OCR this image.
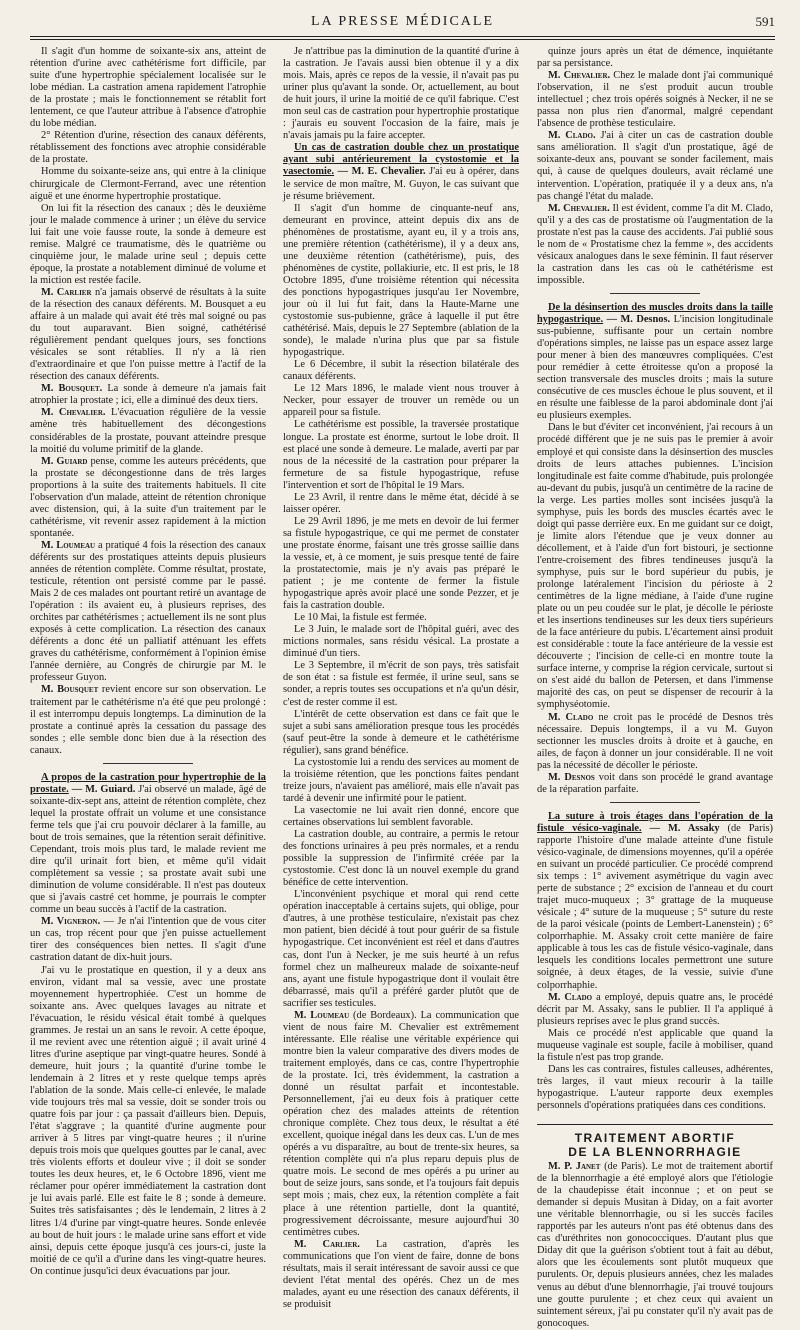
LA PRESSE MÉDICALE	591

Il s'agit d'un homme de soixante-six ans, atteint de rétention d'urine avec cathétérisme fort difficile, par suite d'une hypertrophie spécialement localisée sur le lobe médian. La castration amena rapidement l'atrophie de la prostate ; mais le fonctionnement se rétablit fort lentement, ce que l'auteur attribue à l'absence d'atrophie du lobe médian.

2° Rétention d'urine, résection des canaux déférents, rétablissement des fonctions avec atrophie considérable de la prostate.

Homme du soixante-seize ans, qui entre à la clinique chirurgicale de Clermont-Ferrand, avec une rétention aiguë et une énorme hypertrophie prostatique.

On lui fit la résection des canaux ; dès le deuxième jour le malade commence à uriner ; un élève du service lui fait une voie fausse route, la sonde à demeure est remise. Malgré ce traumatisme, dès le quatrième ou cinquième jour, le malade urine seul ; depuis cette époque, la prostate a notablement diminué de volume et la miction est restée facile.

M. Carlier n'a jamais observé de résultats à la suite de la résection des canaux déférents. M. Bousquet a eu affaire à un malade qui avait été très mal soigné ou pas du tout auparavant. Bien soigné, cathétérisé régulièrement pendant quelques jours, ses fonctions vésicales se sont rétablies. Il n'y a là rien d'extraordinaire et que l'on puisse mettre à l'actif de la résection des canaux déférents.

M. Bousquet. La sonde à demeure n'a jamais fait atrophier la prostate ; ici, elle a diminué des deux tiers.

M. Chevalier. L'évacuation régulière de la vessie amène très habituellement des décongestions considérables de la prostate, pouvant atteindre presque la moitié du volume primitif de la glande.

M. Guiard pense, comme les auteurs précédents, que la prostate se décongestionne dans de très larges proportions à la suite des traitements habituels. Il cite l'observation d'un malade, atteint de rétention chronique avec distension, qui, à la suite d'un traitement par le cathétérisme, vit revenir assez rapidement à la miction spontanée.

M. Loumeau a pratiqué 4 fois la résection des canaux déférents sur des prostatiques atteints depuis plusieurs années de rétention complète. Comme résultat, prostate, testicule, rétention ont persisté comme par le passé. Mais 2 de ces malades ont pourtant retiré un avantage de l'opération : ils avaient eu, à plusieurs reprises, des orchites par cathétérismes ; actuellement ils ne sont plus exposés à cette complication. La résection des canaux déférents a donc été un palliatif atténuant les effets graves du cathétérisme, conformément à l'opinion émise l'année dernière, au Congrès de chirurgie par M. le professeur Guyon.

M. Bousquet revient encore sur son observation. Le traitement par le cathétérisme n'a été que peu prolongé : il est interrompu depuis longtemps. La diminution de la prostate a continué après la cessation du passage des sondes ; elle semble donc bien due à la résection des canaux.

A propos de la castration pour hypertrophie de la prostate. — M. Guiard. J'ai observé un malade, âgé de soixante-dix-sept ans, atteint de rétention complète, chez lequel la prostate offrait un volume et une consistance ferme tels que j'ai cru pouvoir déclarer à la famille, au bout de trois semaines, que la rétention serait définitive. Cependant, trois mois plus tard, le malade revient me dire qu'il urinait fort bien, et même qu'il vidait complètement sa vessie ; sa prostate avait subi une diminution de volume considérable. Il n'est pas douteux que si j'avais castré cet homme, je pourrais le compter comme un beau succès à l'actif de la castration.

M. Vigneron. — Je n'ai l'intention que de vous citer un cas, trop récent pour que j'en puisse actuellement tirer des conséquences bien nettes. Il s'agit d'une castration datant de dix-huit jours.

J'ai vu le prostatique en question, il y a deux ans environ, vidant mal sa vessie, avec une prostate moyennement hypertrophiée. C'est un homme de soixante ans. Avec quelques lavages au nitrate et l'évacuation, le résidu vésical était tombé à quelques grammes. Je restai un an sans le revoir. A cette époque, il me revient avec une rétention aiguë ; il avait uriné 4 litres d'urine aseptique par vingt-quatre heures. Sondé à demeure, huit jours ; la quantité d'urine tombe le lendemain à 2 litres et y reste quelque temps après l'ablation de la sonde. Mais celle-ci enlevée, le malade vide toujours très mal sa vessie, doit se sonder trois ou quatre fois par jour : ça passait d'ailleurs bien. Depuis, l'état s'aggrave ; la quantité d'urine augmente pour arriver à 5 litres par vingt-quatre heures ; il n'urine depuis trois mois que quelques gouttes par le canal, avec très violents efforts et douleur vive ; il doit se sonder toutes les deux heures, et, le 6 Octobre 1896, vient me réclamer pour opérer immédiatement la castration dont je lui avais parlé. Elle est faite le 8 ; sonde à demeure. Suites très satisfaisantes ; dès le lendemain, 2 litres à 2 litres 1/4 d'urine par vingt-quatre heures. Sonde enlevée au bout de huit jours : le malade urine sans effort et vide ainsi, depuis cette époque jusqu'à ces jours-ci, juste la moitié de ce qu'il a d'urine dans les vingt-quatre heures. On continue jusqu'ici deux évacuations par jour.

Je n'attribue pas la diminution de la quantité d'urine à la castration. Je l'avais aussi bien obtenue il y a dix mois. Mais, après ce repos de la vessie, il n'avait pas pu uriner plus qu'avant la sonde. Or, actuellement, au bout de huit jours, il urine la moitié de ce qu'il fabrique. C'est mon seul cas de castration pour hypertrophie prostatique : j'aurais eu souvent l'occasion de la faire, mais je n'avais jamais pu la faire accepter.

Un cas de castration double chez un prostatique ayant subi antérieurement la cystostomie et la vasectomie. — M. E. Chevalier. J'ai eu à opérer, dans le service de mon maître, M. Guyon, le cas suivant que je résume brièvement.

Il s'agit d'un homme de cinquante-neuf ans, demeurant en province, atteint depuis dix ans de phénomènes de prostatisme, ayant eu, il y a trois ans, une première rétention (cathétérisme), il y a deux ans, une deuxième rétention (cathétérisme), puis, des phénomènes de cystite, pollakiurie, etc. Il est pris, le 18 Octobre 1895, d'une troisième rétention qui nécessita des ponctions hypogastriques jusqu'au 1er Novembre, jour où il lui fut fait, dans la Haute-Marne une cystostomie sus-pubienne, grâce à laquelle il put être cathétérisé. Mais, depuis le 27 Septembre (ablation de la sonde), le malade n'urina plus que par sa fistule hypogastrique.

Le 6 Décembre, il subit la résection bilatérale des canaux déférents.

Le 12 Mars 1896, le malade vient nous trouver à Necker, pour essayer de trouver un remède ou un appareil pour sa fistule.

Le cathétérisme est possible, la traversée prostatique longue. La prostate est énorme, surtout le lobe droit. Il est placé une sonde à demeure. Le malade, averti par par nous de la nécessité de la castration pour préparer la fermeture de sa fistule hypogastrique, refuse l'intervention et sort de l'hôpital le 19 Mars.

Le 23 Avril, il rentre dans le même état, décidé à se laisser opérer.

Le 29 Avril 1896, je me mets en devoir de lui fermer sa fistule hypogastrique, ce qui me permet de constater une prostate énorme, faisant une très grosse saillie dans la vessie, et, à ce moment, je suis presque tenté de faire la prostatectomie, mais je n'y avais pas préparé le patient ; je me contente de fermer la fistule hypogastrique après avoir placé une sonde Pezzer, et je fais la castration double.

Le 10 Mai, la fistule est fermée.

Le 3 Juin, le malade sort de l'hôpital guéri, avec des mictions normales, sans résidu vésical. La prostate a diminué d'un tiers.

Le 3 Septembre, il m'écrit de son pays, très satisfait de son état : sa fistule est fermée, il urine seul, sans se sonder, a repris toutes ses occupations et n'a qu'un désir, c'est de rester comme il est.

L'intérêt de cette observation est dans ce fait que le sujet a subi sans amélioration presque tous les procédés (sauf peut-être la sonde à demeure et le cathétérisme régulier), sans grand bénéfice.

La cystostomie lui a rendu des services au moment de la troisième rétention, que les ponctions faites pendant treize jours, n'avaient pas amélioré, mais elle n'avait pas tardé à devenir une infirmité pour le patient.

La vasectomie ne lui avait rien donné, encore que certaines observations lui semblent favorable.

La castration double, au contraire, a permis le retour des fonctions urinaires à peu près normales, et a rendu possible la suppression de l'infirmité créée par la cystostomie. C'est donc là un nouvel exemple du grand bénéfice de cette intervention.

L'inconvénient psychique et moral qui rend cette opération inacceptable à certains sujets, qui oblige, pour d'autres, à une prothèse testiculaire, n'existait pas chez mon patient, bien décidé à tout pour guérir de sa fistule hypogastrique. Cet inconvénient est réel et dans d'autres cas, dont l'un à Necker, je me suis heurté à un refus formel chez un malheureux malade de soixante-neuf ans, ayant une fistule hypogastrique dont il voulait être débarrassé, mais qu'il a préféré garder plutôt que de sacrifier ses testicules.

M. Loumeau (de Bordeaux). La communication que vient de nous faire M. Chevalier est extrêmement intéressante. Elle réalise une véritable expérience qui montre bien la valeur comparative des divers modes de traitement employés, dans ce cas, contre l'hypertrophie de la prostate. Ici, très évidemment, la castration a donné un résultat parfait et incontestable. Personnellement, j'ai eu deux fois à pratiquer cette opération chez des malades atteints de rétention chronique complète. Chez tous deux, le résultat a été excellent, quoique inégal dans les deux cas. L'un de mes opérés a vu disparaître, au bout de trente-six heures, sa rétention complète qui n'a plus reparu depuis plus de quatre mois. Le second de mes opérés a pu uriner au bout de seize jours, sans sonde, et l'a toujours fait depuis sept mois ; mais, chez eux, la rétention complète a fait place à une rétention partielle, dont la quantité, progressivement décroissante, mesure aujourd'hui 30 centimètres cubes.

M. Carlier. La castration, d'après les communications que l'on vient de faire, donne de bons résultats, mais il serait intéressant de savoir aussi ce que devient l'état mental des opérés. Chez un de mes malades, ayant eu une résection des canaux déférents, il se produisit

quinze jours après un état de démence, inquiétante par sa persistance.

M. Chevalier. Chez le malade dont j'ai communiqué l'observation, il ne s'est produit aucun trouble intellectuel ; chez trois opérés soignés à Necker, il ne se passa non plus rien d'anormal, malgré cependant l'absence de prothèse testiculaire.

M. Clado. J'ai à citer un cas de castration double sans amélioration. Il s'agit d'un prostatique, âgé de soixante-deux ans, pouvant se sonder facilement, mais qui, à cause de quelques douleurs, avait réclamé une intervention. L'opération, pratiquée il y a deux ans, n'a pas changé l'état du malade.

M. Chevalier. Il est évident, comme l'a dit M. Clado, qu'il y a des cas de prostatisme où l'augmentation de la prostate n'est pas la cause des accidents. J'ai publié sous le nom de « Prostatisme chez la femme », des accidents vésicaux analogues dans le sexe féminin. Il faut réserver la castration dans les cas où le cathétérisme est impossible.

De la désinsertion des muscles droits dans la taille hypogastrique. — M. Desnos. L'incision longitudinale sus-pubienne, suffisante pour un certain nombre d'opérations simples, ne laisse pas un espace assez large pour mener à bien des manœuvres compliquées. C'est pour remédier à cette étroitesse qu'on a proposé la section transversale des muscles droits ; mais la suture consécutive de ces muscles échoue le plus souvent, et il en résulte une faiblesse de la paroi abdominale dont j'ai eu plusieurs exemples.

Dans le but d'éviter cet inconvénient, j'ai recours à un procédé différent que je ne suis pas le premier à avoir employé et qui consiste dans la désinsertion des muscles droits de leurs attaches pubiennes. L'incision longitudinale est faite comme d'habitude, puis prolongée au-devant du pubis, jusqu'à un centimètre de la racine de la verge. Les parties molles sont incisées jusqu'à la symphyse, puis les bords des muscles écartés avec le doigt qui passe derrière eux. En me guidant sur ce doigt, je limite alors l'étendue que je veux donner au décollement, et à l'aide d'un fort bistouri, je sectionne l'entre-croisement des fibres tendineuses jusqu'à la symphyse, puis sur le bord supérieur du pubis, je prolonge latéralement l'incision du périoste à 2 centimètres de la ligne médiane, à l'aide d'une rugine plate ou un peu coudée sur le plat, je décolle le périoste et les insertions tendineuses sur les deux tiers supérieurs de la face antérieure du pubis. L'écartement ainsi produit est considérable : toute la face antérieure de la vessie est découverte ; l'incision de celle-ci en montre toute la surface interne, y comprise la région cervicale, surtout si on s'est aidé du ballon de Petersen, et dans l'immense majorité des cas, on peut se dispenser de recourir à la symphyséotomie.

M. Clado ne croit pas le procédé de Desnos très nécessaire. Depuis longtemps, il a vu M. Guyon sectionner les muscles droits à droite et à gauche, en ailes, de façon à donner un jour considérable. Il ne voit pas la nécessité de décoller le périoste.

M. Desnos voit dans son procédé le grand avantage de la réparation parfaite.

La suture à trois étages dans l'opération de la fistule vésico-vaginale. — M. Assaky (de Paris) rapporte l'histoire d'une malade atteinte d'une fistule vésico-vaginale, de dimensions moyennes, qu'il a opérée en suivant un procédé particulier. Ce procédé comprend six temps : 1° avivement asymétrique du vagin avec perte de substance ; 2° excision de l'anneau et du court trajet muco-muqueux ; 3° grattage de la muqueuse vésicale ; 4° suture de la muqueuse ; 5° suture du reste de la paroi vésicale (points de Lembert-Lanenstein) ; 6° colporrhaphie. M. Assaky croit cette manière de faire applicable à tous les cas de fistule vésico-vaginale, dans lesquels les conditions locales permettront une suture soignée, à deux étages, de la vessie, suivie d'une colporrhaphie.

M. Clado a employé, depuis quatre ans, le procédé décrit par M. Assaky, sans le publier. Il l'a appliqué à plusieurs reprises avec le plus grand succès.

Mais ce procédé n'est applicable que quand la muqueuse vaginale est souple, facile à mobiliser, quand la fistule n'est pas trop grande.

Dans les cas contraires, fistules calleuses, adhérentes, très larges, il vaut mieux recourir à la taille hypogastrique. L'auteur rapporte deux exemples personnels d'opérations pratiquées dans ces conditions.

TRAITEMENT ABORTIF
DE LA BLENNORRHAGIE

M. P. Janet (de Paris). Le mot de traitement abortif de la blennorrhagie a été employé alors que l'étiologie de la chaudepisse était inconnue ; et on peut se demander si depuis Musitan à Diday, on a fait avorter une véritable blennorrhagie, ou si les succès faciles rapportés par les auteurs n'ont pas été obtenus dans des cas d'uréthrites non gonococciques. D'autant plus que Diday dit que la guérison s'obtient tout à fait au début, alors que les écoulements sont plutôt muqueux que purulents. Or, depuis plusieurs années, chez les malades venus au début d'une blennorrhagie, j'ai trouvé toujours une goutte purulente ; et chez ceux qui avaient un suintement séreux, j'ai pu constater qu'il n'y avait pas de gonocoques.
